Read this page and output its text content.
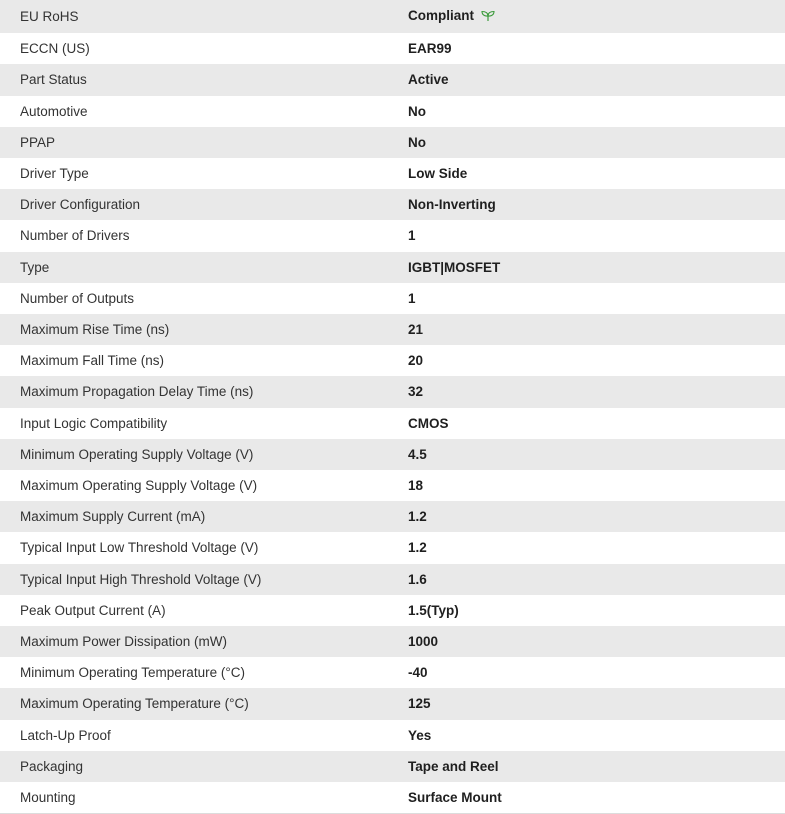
EU RoHS	Compliant
ECCN (US)	EAR99
Part Status	Active
Automotive	No
PPAP	No
Driver Type	Low Side
Driver Configuration	Non-Inverting
Number of Drivers	1
Type	IGBT|MOSFET
Number of Outputs	1
Maximum Rise Time (ns)	21
Maximum Fall Time (ns)	20
Maximum Propagation Delay Time (ns)	32
Input Logic Compatibility	CMOS
Minimum Operating Supply Voltage (V)	4.5
Maximum Operating Supply Voltage (V)	18
Maximum Supply Current (mA)	1.2
Typical Input Low Threshold Voltage (V)	1.2
Typical Input High Threshold Voltage (V)	1.6
Peak Output Current (A)	1.5(Typ)
Maximum Power Dissipation (mW)	1000
Minimum Operating Temperature (°C)	-40
Maximum Operating Temperature (°C)	125
Latch-Up Proof	Yes
Packaging	Tape and Reel
Mounting	Surface Mount
